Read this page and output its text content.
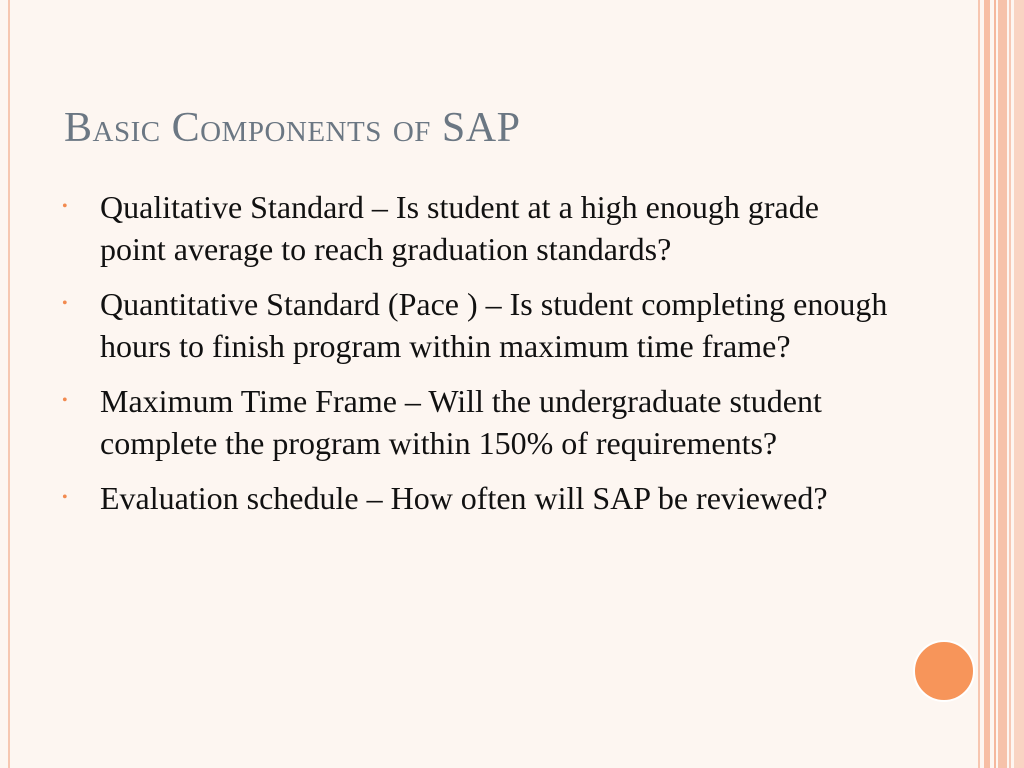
Basic Components of SAP
• Qualitative Standard – Is student at a high enough grade point average to reach graduation standards?
• Quantitative Standard (Pace ) – Is student completing enough hours to finish program within maximum time frame?
• Maximum Time Frame – Will the undergraduate student complete the program within 150% of requirements?
• Evaluation schedule – How often will SAP be reviewed?
